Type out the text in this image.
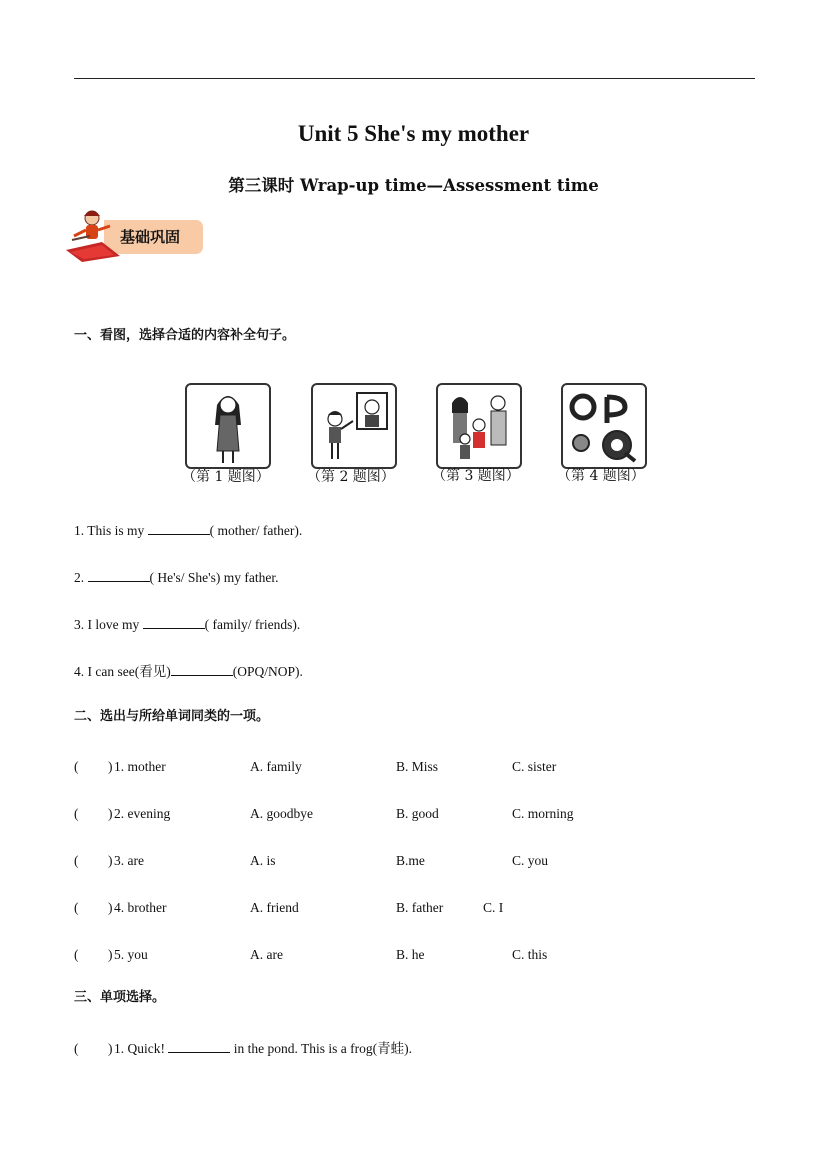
Unit 5 She's my mother
第三课时 Wrap-up time—Assessment time
基础巩固
一、看图，选择合适的内容补全句子。
（第 1 题图）	（第 2 题图）	（第 3 题图）	（第 4 题图）
1. This is my	( mother/ father).
2.	( He's/ She's) my father.
3. I love my	( family/ friends).
4. I can see(看见)	(OPQ/NOP).
二、选出与所给单词同类的一项。
( ) 1. mother	A. family	B. Miss	C. sister
( ) 2. evening	A. goodbye	B. good	C. morning
( ) 3. are	A. is	B.me	C. you
( ) 4. brother	A. friend	B. father	C. I
( ) 5. you	A. are	B. he	C. this
三、单项选择。
( ) 1. Quick!	in the pond. This is a frog(青蛙).
